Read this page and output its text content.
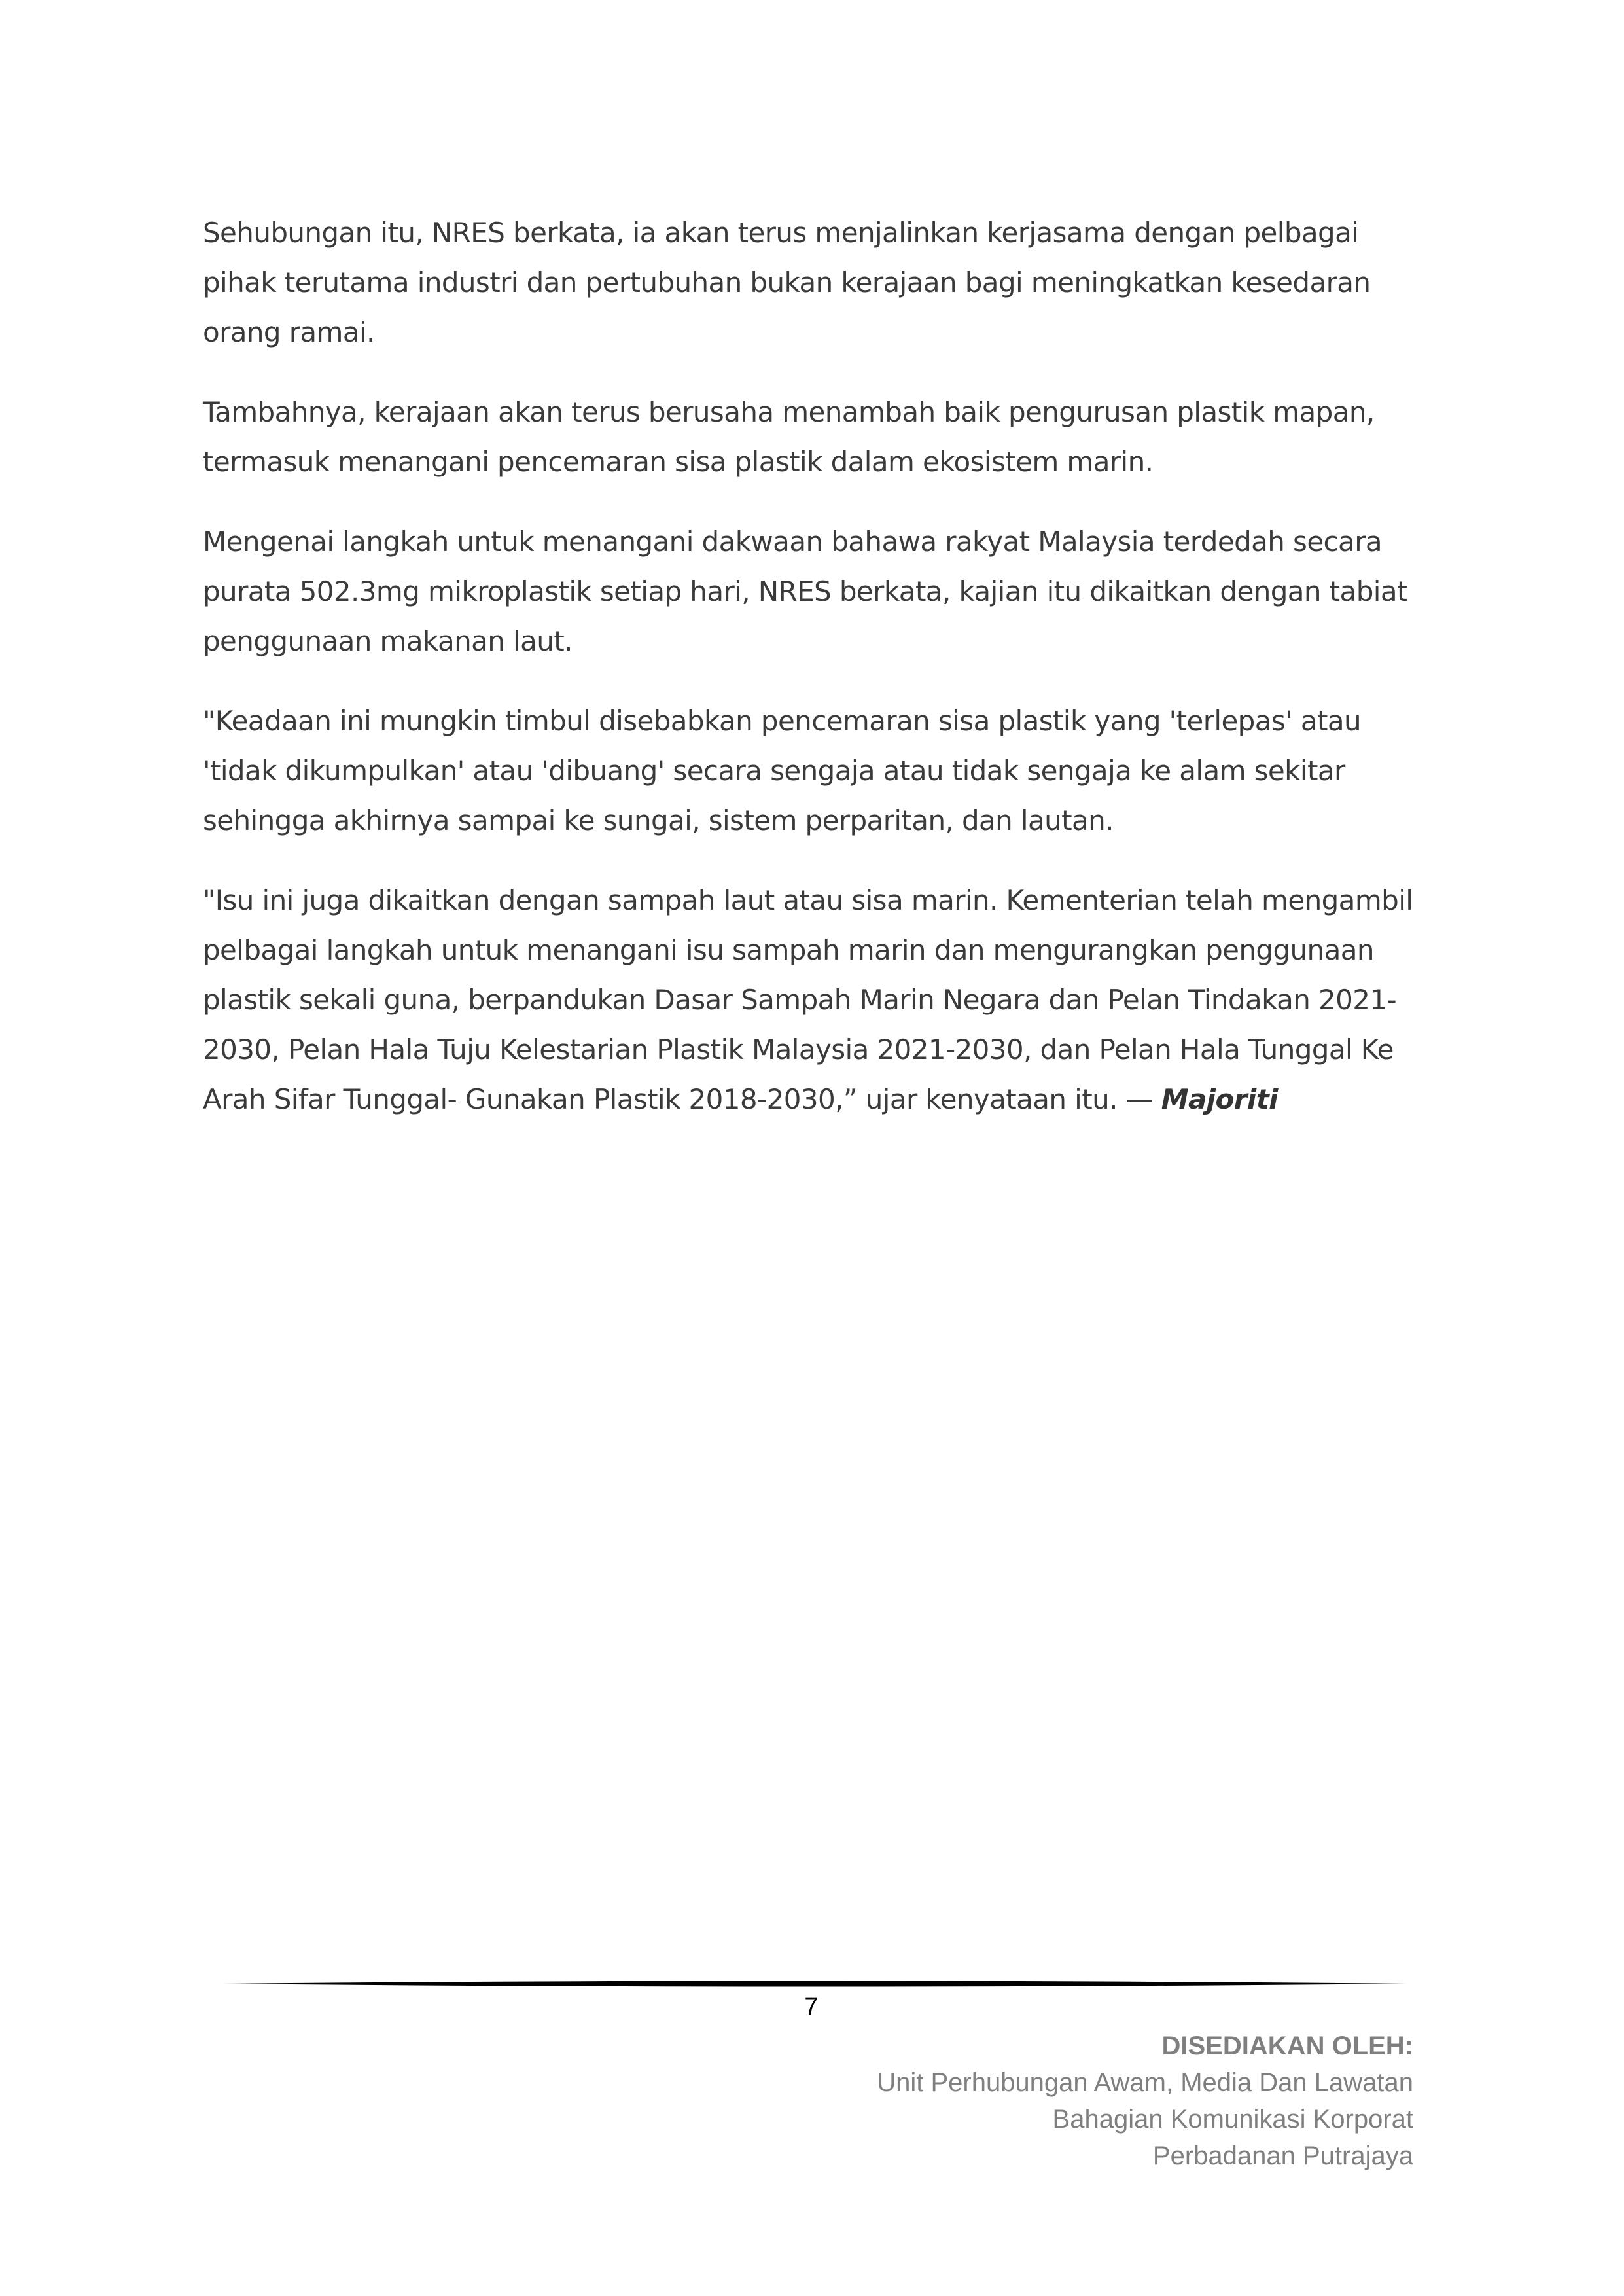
Sehubungan itu, NRES berkata, ia akan terus menjalinkan kerjasama dengan pelbagai pihak terutama industri dan pertubuhan bukan kerajaan bagi meningkatkan kesedaran orang ramai.

Tambahnya, kerajaan akan terus berusaha menambah baik pengurusan plastik mapan, termasuk menangani pencemaran sisa plastik dalam ekosistem marin.

Mengenai langkah untuk menangani dakwaan bahawa rakyat Malaysia terdedah secara purata 502.3mg mikroplastik setiap hari, NRES berkata, kajian itu dikaitkan dengan tabiat penggunaan makanan laut.

"Keadaan ini mungkin timbul disebabkan pencemaran sisa plastik yang 'terlepas' atau 'tidak dikumpulkan' atau 'dibuang' secara sengaja atau tidak sengaja ke alam sekitar sehingga akhirnya sampai ke sungai, sistem perparitan, dan lautan.

"Isu ini juga dikaitkan dengan sampah laut atau sisa marin. Kementerian telah mengambil pelbagai langkah untuk menangani isu sampah marin dan mengurangkan penggunaan plastik sekali guna, berpandukan Dasar Sampah Marin Negara dan Pelan Tindakan 2021-2030, Pelan Hala Tuju Kelestarian Plastik Malaysia 2021-2030, dan Pelan Hala Tunggal Ke Arah Sifar Tunggal- Gunakan Plastik 2018-2030,” ujar kenyataan itu. — Majoriti

7
DISEDIAKAN OLEH:
Unit Perhubungan Awam, Media Dan Lawatan
Bahagian Komunikasi Korporat
Perbadanan Putrajaya
